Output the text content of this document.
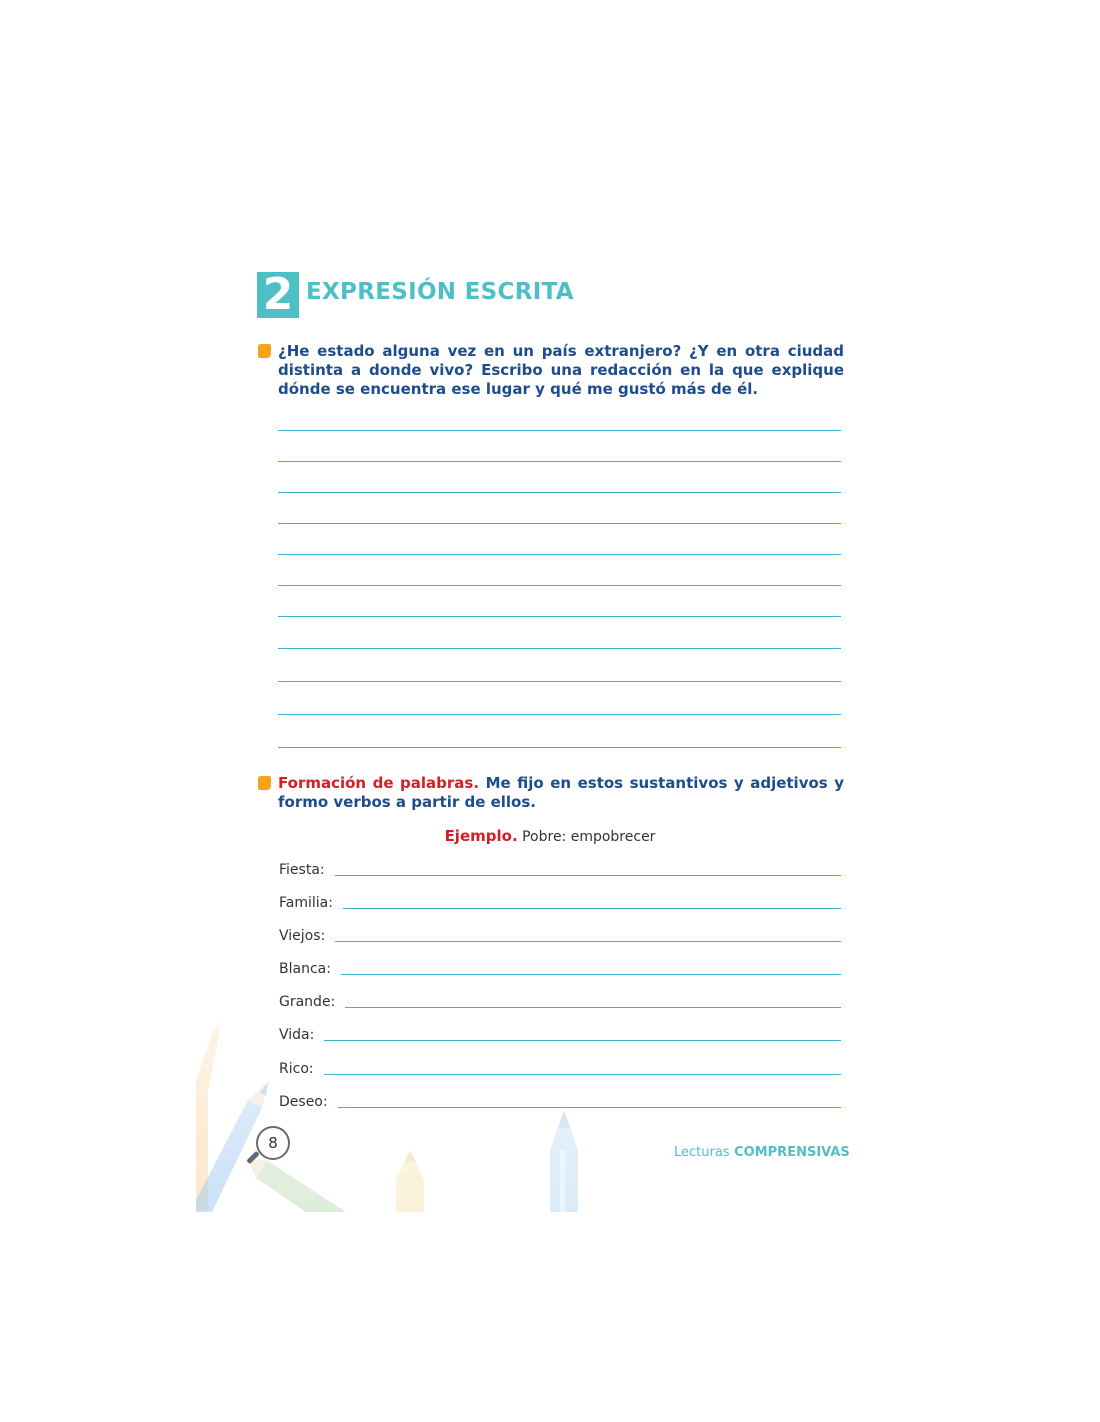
2 EXPRESIÓN ESCRITA
¿He estado alguna vez en un país extranjero? ¿Y en otra ciudad distinta a donde vivo? Escribo una redacción en la que explique dónde se encuentra ese lugar y qué me gustó más de él.
Formación de palabras. Me fijo en estos sustantivos y adjetivos y formo verbos a partir de ellos.
Ejemplo. Pobre: empobrecer
Fiesta:
Familia:
Viejos:
Blanca:
Grande:
Vida:
Rico:
Deseo:
8
Lecturas COMPRENSIVAS
